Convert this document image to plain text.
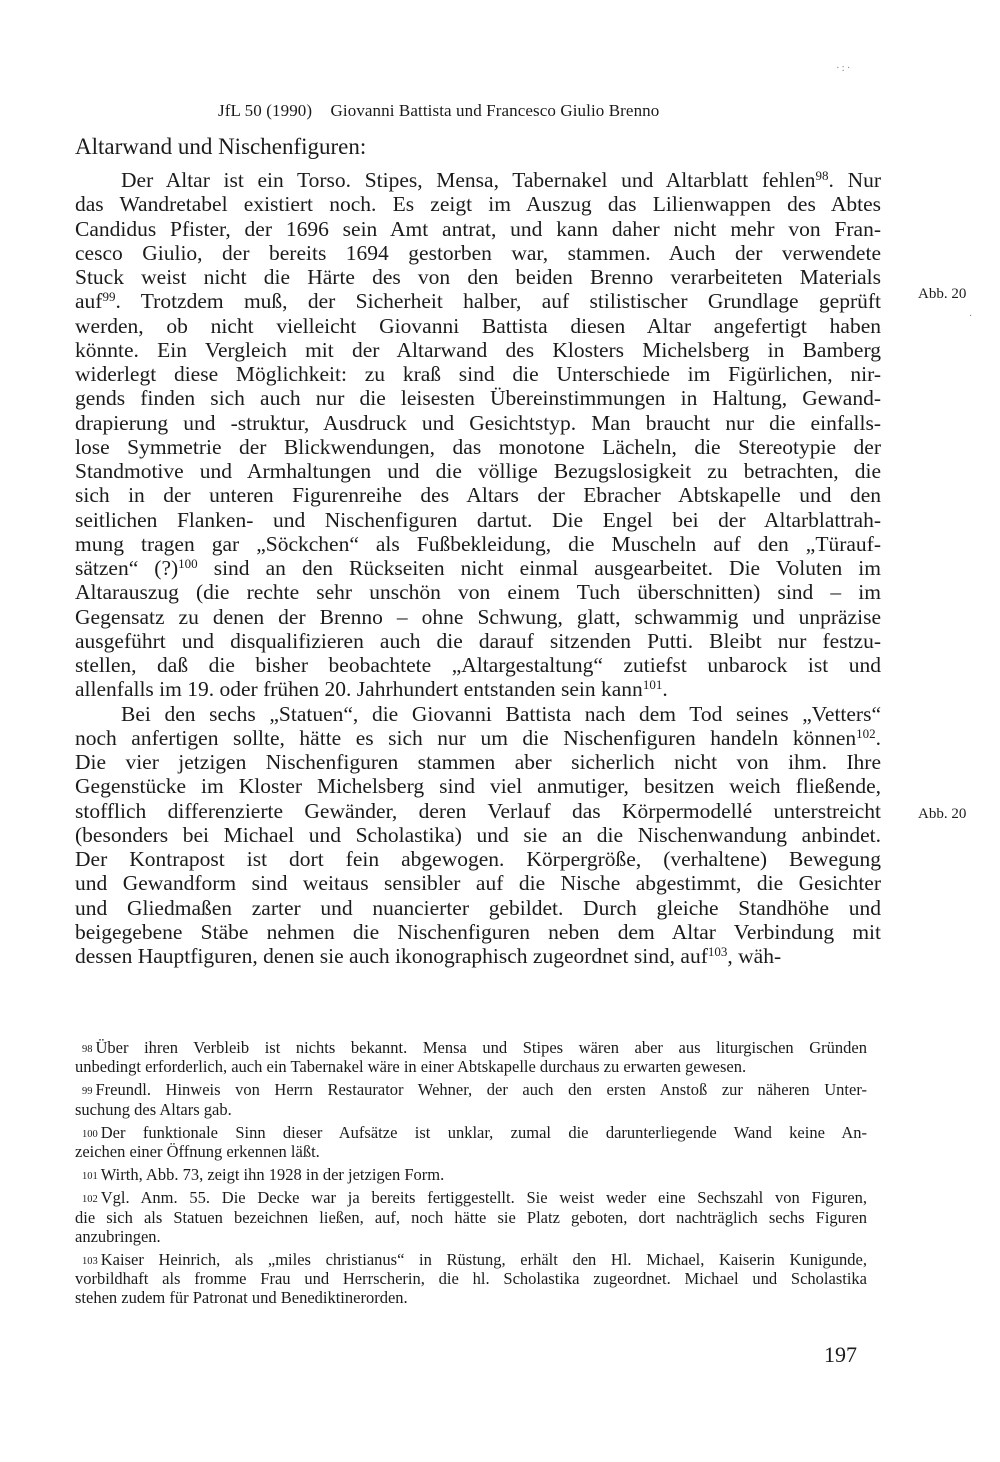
·:·
JfL 50 (1990) Giovanni Battista und Francesco Giulio Brenno
Altarwand und Nischenfiguren:
Der Altar ist ein Torso. Stipes, Mensa, Tabernakel und Altarblatt fehlen$^{98}$. Nur
das Wandretabel existiert noch. Es zeigt im Auszug das Lilienwappen des Abtes
Candidus Pfister, der 1696 sein Amt antrat, und kann daher nicht mehr von Fran-
cesco Giulio, der bereits 1694 gestorben war, stammen. Auch der verwendete
Stuck weist nicht die Härte des von den beiden Brenno verarbeiteten Materials
auf$^{99}$. Trotzdem muß, der Sicherheit halber, auf stilistischer Grundlage geprüft
werden, ob nicht vielleicht Giovanni Battista diesen Altar angefertigt haben
könnte. Ein Vergleich mit der Altarwand des Klosters Michelsberg in Bamberg
widerlegt diese Möglichkeit: zu kraß sind die Unterschiede im Figürlichen, nir-
gends finden sich auch nur die leisesten Übereinstimmungen in Haltung, Gewand-
drapierung und -struktur, Ausdruck und Gesichtstyp. Man braucht nur die einfalls-
lose Symmetrie der Blickwendungen, das monotone Lächeln, die Stereotypie der
Standmotive und Armhaltungen und die völlige Bezugslosigkeit zu betrachten, die
sich in der unteren Figurenreihe des Altars der Ebracher Abtskapelle und den
seitlichen Flanken- und Nischenfiguren dartut. Die Engel bei der Altarblattrah-
mung tragen gar „Söckchen“ als Fußbekleidung, die Muscheln auf den „Türauf-
sätzen“ (?)$^{100}$ sind an den Rückseiten nicht einmal ausgearbeitet. Die Voluten im
Altarauszug (die rechte sehr unschön von einem Tuch überschnitten) sind – im
Gegensatz zu denen der Brenno – ohne Schwung, glatt, schwammig und unpräzise
ausgeführt und disqualifizieren auch die darauf sitzenden Putti. Bleibt nur festzu-
stellen, daß die bisher beobachtete „Altargestaltung“ zutiefst unbarock ist und
allenfalls im 19. oder frühen 20. Jahrhundert entstanden sein kann$^{101}$.
Bei den sechs „Statuen“, die Giovanni Battista nach dem Tod seines „Vetters“
noch anfertigen sollte, hätte es sich nur um die Nischenfiguren handeln können$^{102}$.
Die vier jetzigen Nischenfiguren stammen aber sicherlich nicht von ihm. Ihre
Gegenstücke im Kloster Michelsberg sind viel anmutiger, besitzen weich fließende,
stofflich differenzierte Gewänder, deren Verlauf das Körpermodellé unterstreicht
(besonders bei Michael und Scholastika) und sie an die Nischenwandung anbindet.
Der Kontrapost ist dort fein abgewogen. Körpergröße, (verhaltene) Bewegung
und Gewandform sind weitaus sensibler auf die Nische abgestimmt, die Gesichter
und Gliedmaßen zarter und nuancierter gebildet. Durch gleiche Standhöhe und
beigegebene Stäbe nehmen die Nischenfiguren neben dem Altar Verbindung mit
dessen Hauptfiguren, denen sie auch ikonographisch zugeordnet sind, auf$^{103}$, wäh-
Abb. 20
·
Abb. 20
$^{98}$ Über ihren Verbleib ist nichts bekannt. Mensa und Stipes wären aber aus liturgischen Gründen
unbedingt erforderlich, auch ein Tabernakel wäre in einer Abtskapelle durchaus zu erwarten gewesen.
$^{99}$ Freundl. Hinweis von Herrn Restaurator Wehner, der auch den ersten Anstoß zur näheren Unter-
suchung des Altars gab.
$^{100}$ Der funktionale Sinn dieser Aufsätze ist unklar, zumal die darunterliegende Wand keine An-
zeichen einer Öffnung erkennen läßt.
$^{101}$ Wirth, Abb. 73, zeigt ihn 1928 in der jetzigen Form.
$^{102}$ Vgl. Anm. 55. Die Decke war ja bereits fertiggestellt. Sie weist weder eine Sechszahl von Figuren,
die sich als Statuen bezeichnen ließen, auf, noch hätte sie Platz geboten, dort nachträglich sechs Figuren
anzubringen.
$^{103}$ Kaiser Heinrich, als „miles christianus“ in Rüstung, erhält den Hl. Michael, Kaiserin Kunigunde,
vorbildhaft als fromme Frau und Herrscherin, die hl. Scholastika zugeordnet. Michael und Scholastika
stehen zudem für Patronat und Benediktinerorden.
197
